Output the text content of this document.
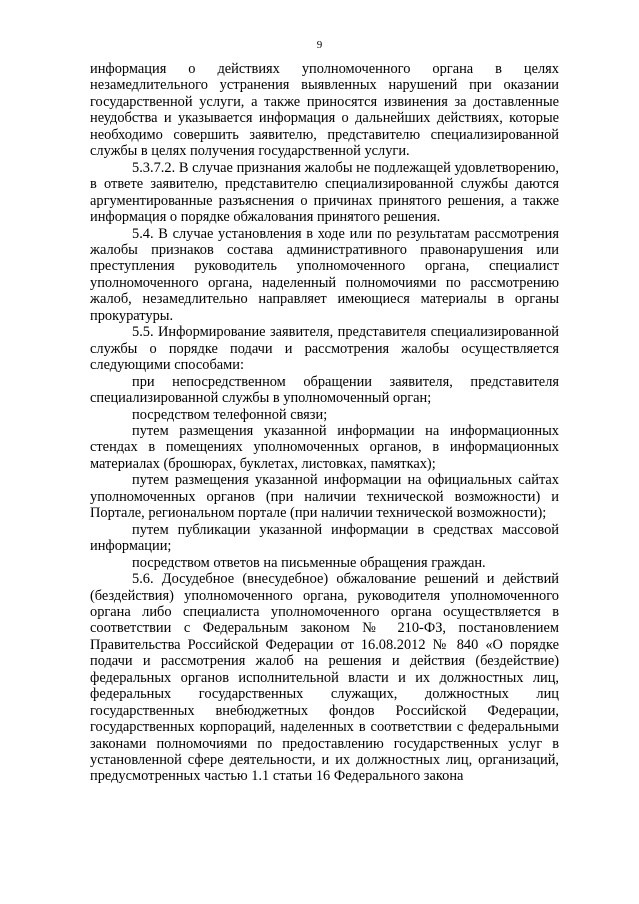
9

информация о действиях уполномоченного органа в целях незамедлительного устранения выявленных нарушений при оказании государственной услуги, а также приносятся извинения за доставленные неудобства и указывается информация о дальнейших действиях, которые необходимо совершить заявителю, представителю специализированной службы в целях получения государственной услуги.

5.3.7.2. В случае признания жалобы не подлежащей удовлетворению, в ответе заявителю, представителю специализированной службы даются аргументированные разъяснения о причинах принятого решения, а также информация о порядке обжалования принятого решения.

5.4. В случае установления в ходе или по результатам рассмотрения жалобы признаков состава административного правонарушения или преступления руководитель уполномоченного органа, специалист уполномоченного органа, наделенный полномочиями по рассмотрению жалоб, незамедлительно направляет имеющиеся материалы в органы прокуратуры.

5.5. Информирование заявителя, представителя специализированной службы о порядке подачи и рассмотрения жалобы осуществляется следующими способами:

при непосредственном обращении заявителя, представителя специализированной службы в уполномоченный орган;

посредством телефонной связи;

путем размещения указанной информации на информационных стендах в помещениях уполномоченных органов, в информационных материалах (брошюрах, буклетах, листовках, памятках);

путем размещения указанной информации на официальных сайтах уполномоченных органов (при наличии технической возможности) и Портале, региональном портале (при наличии технической возможности);

путем публикации указанной информации в средствах массовой информации;

посредством ответов на письменные обращения граждан.

5.6. Досудебное (внесудебное) обжалование решений и действий (бездействия) уполномоченного органа, руководителя уполномоченного органа либо специалиста уполномоченного органа осуществляется в соответствии с Федеральным законом № 210-ФЗ, постановлением Правительства Российской Федерации от 16.08.2012 № 840 «О порядке подачи и рассмотрения жалоб на решения и действия (бездействие) федеральных органов исполнительной власти и их должностных лиц, федеральных государственных служащих, должностных лиц государственных внебюджетных фондов Российской Федерации, государственных корпораций, наделенных в соответствии с федеральными законами полномочиями по предоставлению государственных услуг в установленной сфере деятельности, и их должностных лиц, организаций, предусмотренных частью 1.1 статьи 16 Федерального закона
